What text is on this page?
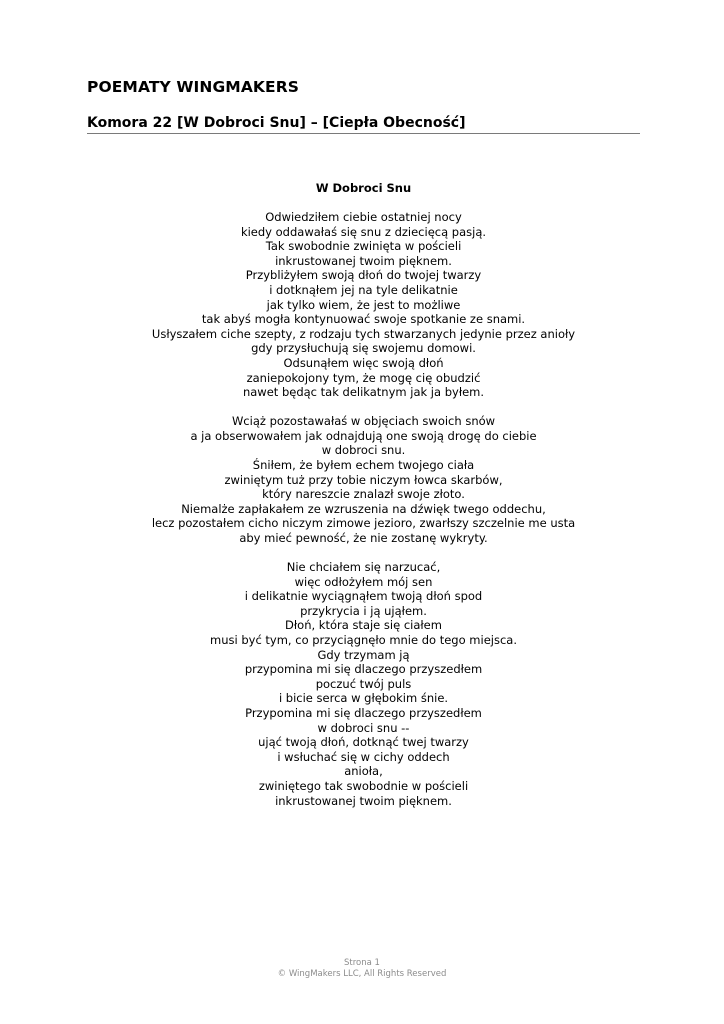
POEMATY WINGMAKERS
Komora 22 [W Dobroci Snu] – [Ciepła Obecność]
W Dobroci Snu
Odwiedziłem ciebie ostatniej nocy
kiedy oddawałaś się snu z dziecięcą pasją.
Tak swobodnie zwinięta w pościeli
inkrustowanej twoim pięknem.
Przybliżyłem swoją dłoń do twojej twarzy
i dotknąłem jej na tyle delikatnie
jak tylko wiem, że jest to możliwe
tak abyś mogła kontynuować swoje spotkanie ze snami.
Usłyszałem ciche szepty, z rodzaju tych stwarzanych jedynie przez anioły
gdy przysłuchują się swojemu domowi.
Odsunąłem więc swoją dłoń
zaniepokojony tym, że mogę cię obudzić
nawet będąc tak delikatnym jak ja byłem.
Wciąż pozostawałaś w objęciach swoich snów
a ja obserwowałem jak odnajdują one swoją drogę do ciebie
w dobroci snu.
Śniłem, że byłem echem twojego ciała
zwiniętym tuż przy tobie niczym łowca skarbów,
który nareszcie znalazł swoje złoto.
Niemalże zapłakałem ze wzruszenia na dźwięk twego oddechu,
lecz pozostałem cicho niczym zimowe jezioro, zwarłszy szczelnie me usta
aby mieć pewność, że nie zostanę wykryty.
Nie chciałem się narzucać,
więc odłożyłem mój sen
i delikatnie wyciągnąłem twoją dłoń spod
przykrycia i ją ująłem.
Dłoń, która staje się ciałem
musi być tym, co przyciągnęło mnie do tego miejsca.
Gdy trzymam ją
przypomina mi się dlaczego przyszedłem
poczuć twój puls
i bicie serca w głębokim śnie.
Przypomina mi się dlaczego przyszedłem
w dobroci snu --
ująć twoją dłoń, dotknąć twej twarzy
i wsłuchać się w cichy oddech
anioła,
zwiniętego tak swobodnie w pościeli
inkrustowanej twoim pięknem.
Strona 1
© WingMakers LLC, All Rights Reserved
